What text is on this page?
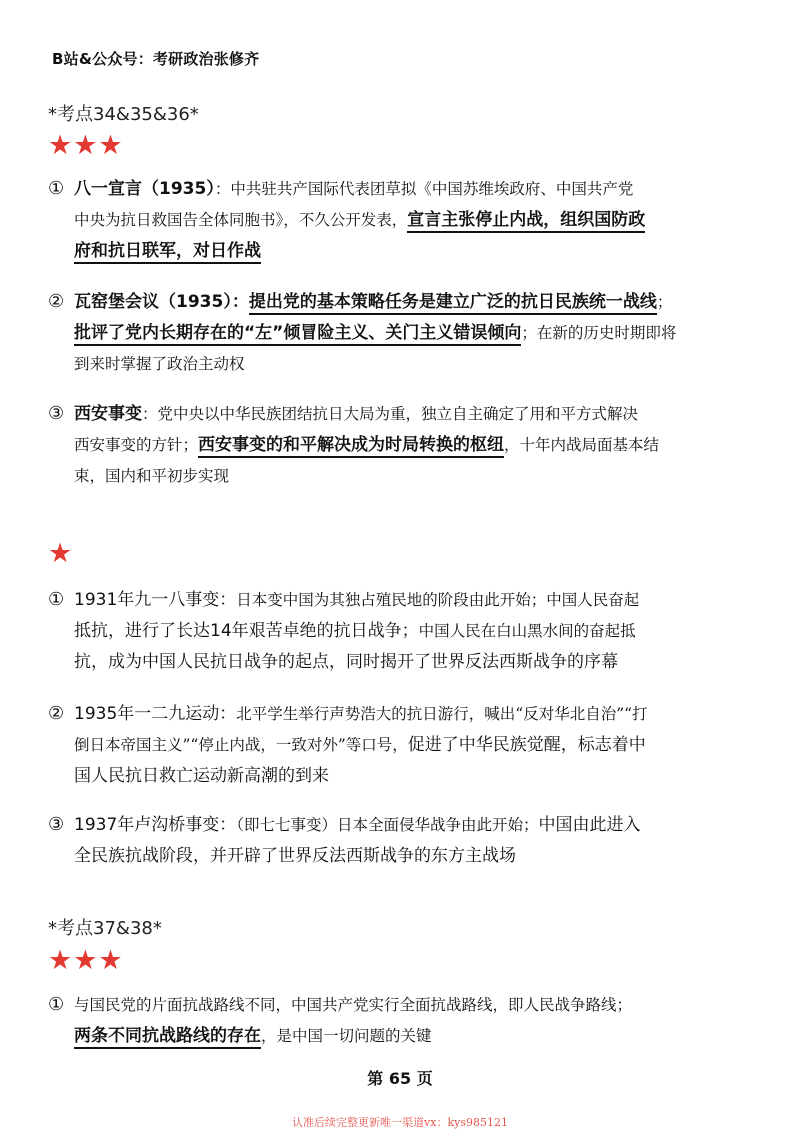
B站&公众号：考研政治张修齐
*考点34&35&36*
★★★
① 八一宣言（1935）：中共驻共产国际代表团草拟《中国苏维埃政府、中国共产党
中央为抗日救国告全体同胞书》，不久公开发表，宣言主张停止内战，组织国防政
府和抗日联军，对日作战
② 瓦窑堡会议（1935）：提出党的基本策略任务是建立广泛的抗日民族统一战线；
批评了党内长期存在的“左”倾冒险主义、关门主义错误倾向；在新的历史时期即将
到来时掌握了政治主动权
③ 西安事变：党中央以中华民族团结抗日大局为重，独立自主确定了用和平方式解决
西安事变的方针；西安事变的和平解决成为时局转换的枢纽，十年内战局面基本结
束，国内和平初步实现
★
① 1931年九一八事变：日本变中国为其独占殖民地的阶段由此开始；中国人民奋起
抵抗，进行了长达14年艰苦卓绝的抗日战争；中国人民在白山黑水间的奋起抵
抗，成为中国人民抗日战争的起点，同时揭开了世界反法西斯战争的序幕
② 1935年一二九运动：北平学生举行声势浩大的抗日游行，喊出“反对华北自治”“打
倒日本帝国主义”“停止内战，一致对外”等口号，促进了中华民族觉醒，标志着中
国人民抗日救亡运动新高潮的到来
③ 1937年卢沟桥事变：（即七七事变）日本全面侵华战争由此开始；中国由此进入
全民族抗战阶段，并开辟了世界反法西斯战争的东方主战场
*考点37&38*
★★★
① 与国民党的片面抗战路线不同，中国共产党实行全面抗战路线，即人民战争路线；
两条不同抗战路线的存在，是中国一切问题的关键
第 65 页
认准后续完整更新唯一渠道vx：kys985121
